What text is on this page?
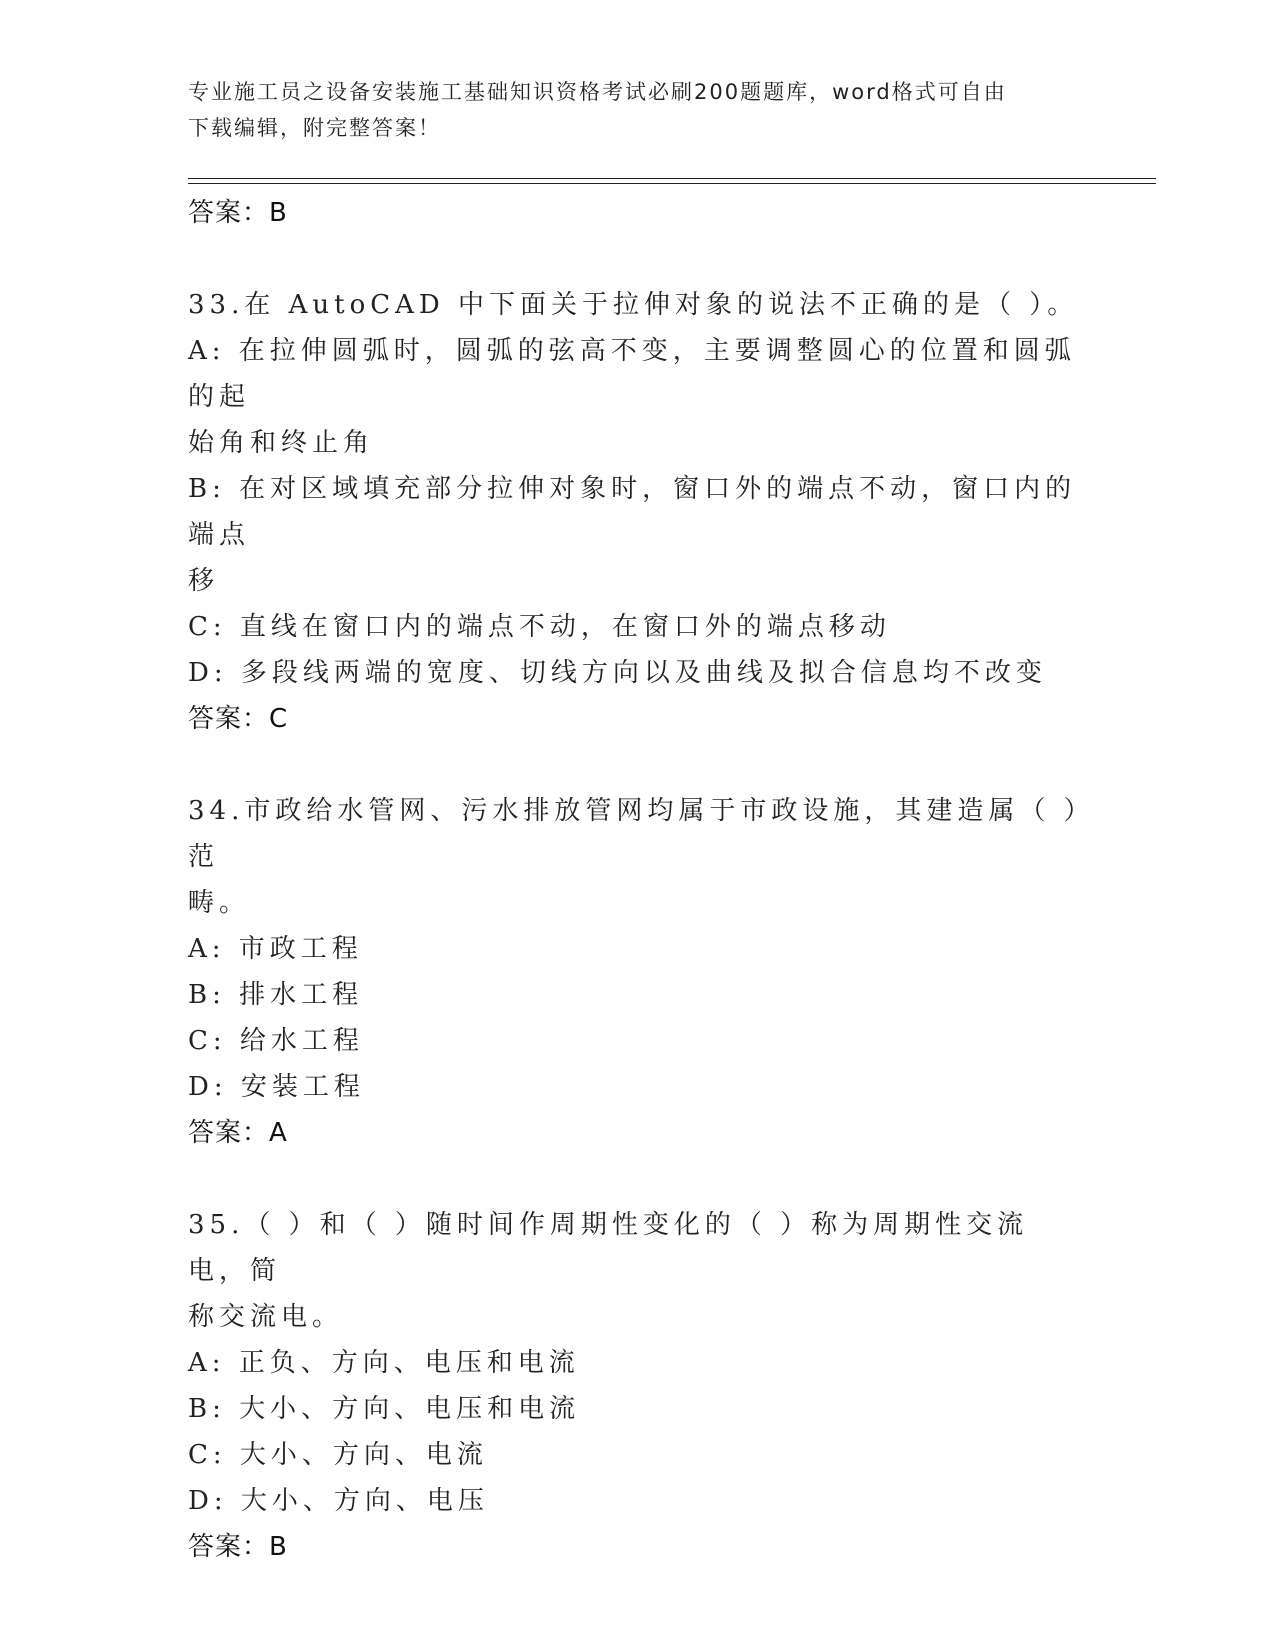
专业施工员之设备安装施工基础知识资格考试必刷200题题库，word格式可自由
下载编辑，附完整答案！
答案：B
33.在 AutoCAD 中下面关于拉伸对象的说法不正确的是（ ）。
A: 在拉伸圆弧时，圆弧的弦高不变，主要调整圆心的位置和圆弧的起
始角和终止角
B: 在对区域填充部分拉伸对象时，窗口外的端点不动，窗口内的端点
移
C: 直线在窗口内的端点不动，在窗口外的端点移动
D: 多段线两端的宽度、切线方向以及曲线及拟合信息均不改变
答案：C
34.市政给水管网、污水排放管网均属于市政设施，其建造属（ ）范
畴。
A: 市政工程
B: 排水工程
C: 给水工程
D: 安装工程
答案：A
35.（ ）和（ ）随时间作周期性变化的（ ）称为周期性交流电，简
称交流电。
A: 正负、方向、电压和电流
B: 大小、方向、电压和电流
C: 大小、方向、电流
D: 大小、方向、电压
答案：B
